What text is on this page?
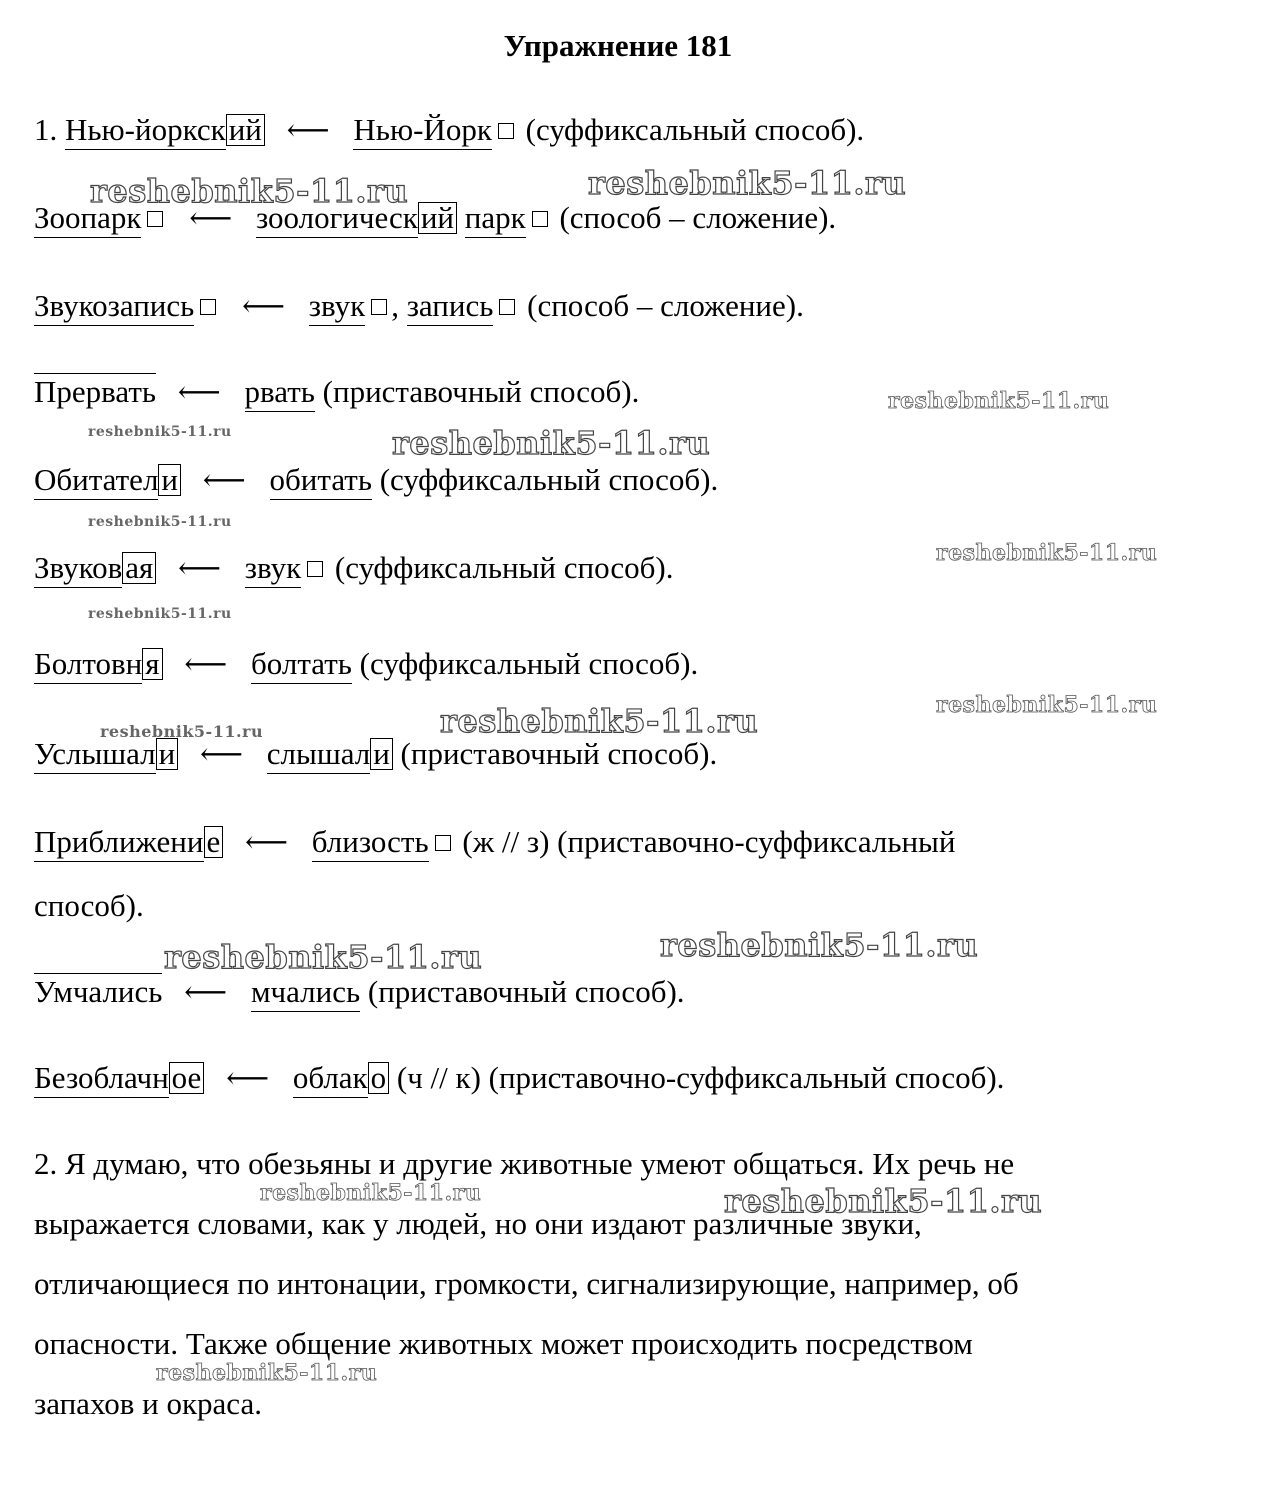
Упражнение 181
1. Нью-йоркский ⟵ Нью-Йорк (суффиксальный способ).
Зоопарк ⟵ зоологический парк (способ – сложение).
Звукозапись ⟵ звук , запись (способ – сложение).
Прервать ⟵ рвать (приставочный способ).
Обитатели ⟵ обитать (суффиксальный способ).
Звуковая ⟵ звук (суффиксальный способ).
Болтовня ⟵ болтать (суффиксальный способ).
Услышали ⟵ слышали (приставочный способ).
Приближение ⟵ близость (ж // з) (приставочно-суффиксальный
способ).
Умчались ⟵ мчались (приставочный способ).
Безоблачное ⟵ облако (ч // к) (приставочно-суффиксальный способ).
2. Я думаю, что обезьяны и другие животные умеют общаться. Их речь не
выражается словами, как у людей, но они издают различные звуки,
отличающиеся по интонации, громкости, сигнализирующие, например, об
опасности. Также общение животных может происходить посредством
запахов и окраса.
reshebnik5-11.ru	reshebnik5-11.ru
reshebnik5-11.ru
reshebnik5-11.ru	reshebnik5-11.ru
reshebnik5-11.ru
reshebnik5-11.ru
reshebnik5-11.ru
reshebnik5-11.ru
reshebnik5-11.ru	reshebnik5-11.ru
reshebnik5-11.ru	reshebnik5-11.ru
reshebnik5-11.ru	reshebnik5-11.ru
reshebnik5-11.ru
